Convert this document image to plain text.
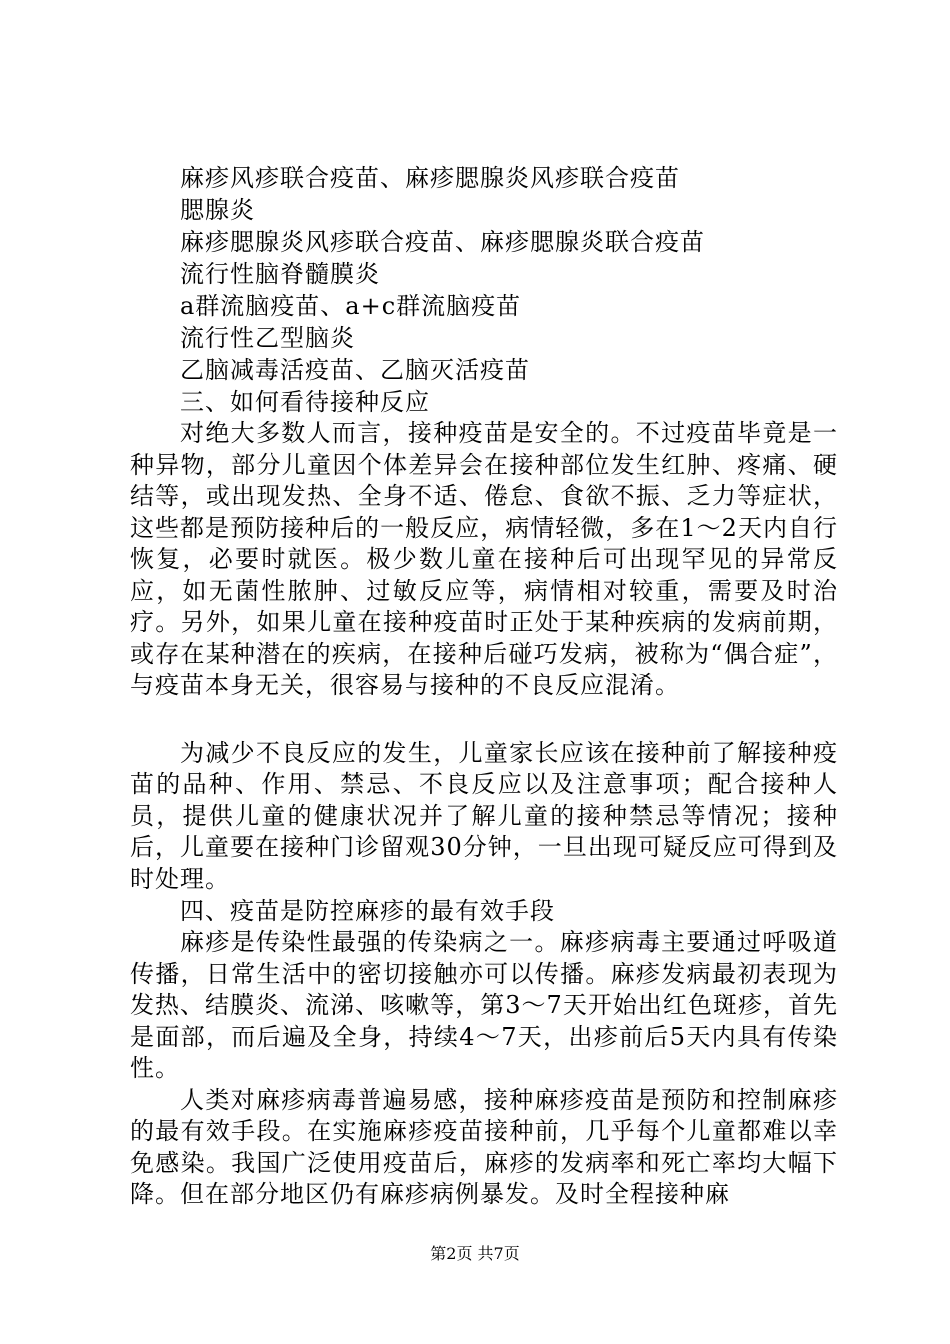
麻疹风疹联合疫苗、麻疹腮腺炎风疹联合疫苗
腮腺炎
麻疹腮腺炎风疹联合疫苗、麻疹腮腺炎联合疫苗
流行性脑脊髓膜炎
a群流脑疫苗、a+c群流脑疫苗
流行性乙型脑炎
乙脑减毒活疫苗、乙脑灭活疫苗
三、如何看待接种反应

对绝大多数人而言，接种疫苗是安全的。不过疫苗毕竟是一种异物，部分儿童因个体差异会在接种部位发生红肿、疼痛、硬结等，或出现发热、全身不适、倦怠、食欲不振、乏力等症状，这些都是预防接种后的一般反应，病情轻微，多在1～2天内自行恢复，必要时就医。极少数儿童在接种后可出现罕见的异常反应，如无菌性脓肿、过敏反应等，病情相对较重，需要及时治疗。另外，如果儿童在接种疫苗时正处于某种疾病的发病前期，或存在某种潜在的疾病，在接种后碰巧发病，被称为“偶合症”，与疫苗本身无关，很容易与接种的不良反应混淆。

为减少不良反应的发生，儿童家长应该在接种前了解接种疫苗的品种、作用、禁忌、不良反应以及注意事项；配合接种人员，提供儿童的健康状况并了解儿童的接种禁忌等情况；接种后，儿童要在接种门诊留观30分钟，一旦出现可疑反应可得到及时处理。

四、疫苗是防控麻疹的最有效手段

麻疹是传染性最强的传染病之一。麻疹病毒主要通过呼吸道传播，日常生活中的密切接触亦可以传播。麻疹发病最初表现为发热、结膜炎、流涕、咳嗽等，第3～7天开始出红色斑疹，首先是面部，而后遍及全身，持续4～7天，出疹前后5天内具有传染性。

人类对麻疹病毒普遍易感，接种麻疹疫苗是预防和控制麻疹的最有效手段。在实施麻疹疫苗接种前，几乎每个儿童都难以幸免感染。我国广泛使用疫苗后，麻疹的发病率和死亡率均大幅下降。但在部分地区仍有麻疹病例暴发。及时全程接种麻

第2页 共7页
